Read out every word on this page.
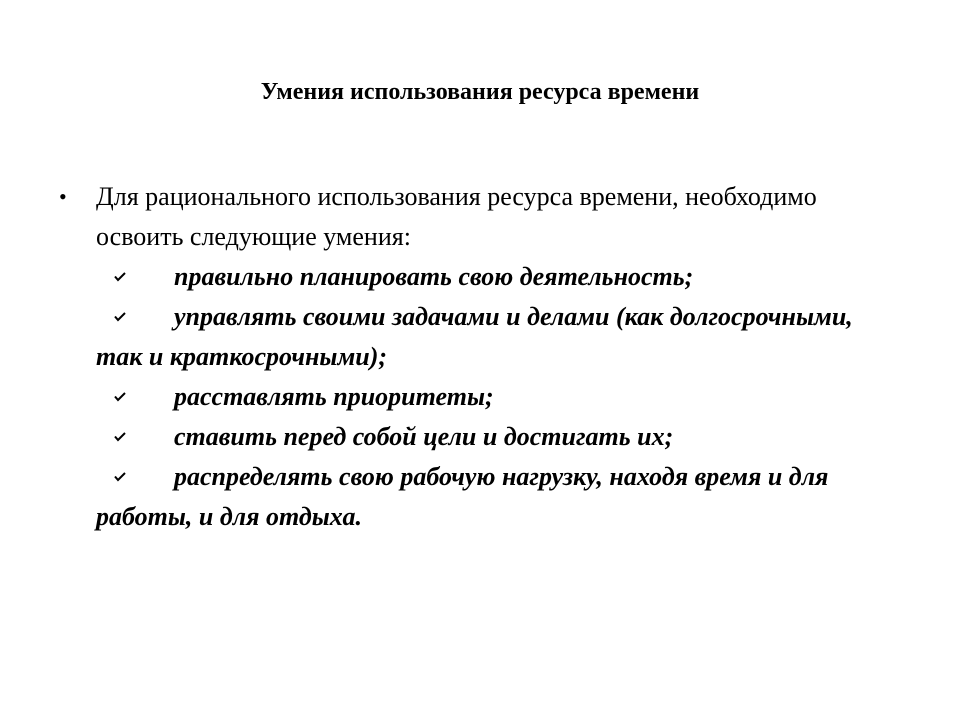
Умения использования ресурса времени
• Для рационального использования ресурса времени, необходимо освоить следующие умения:
правильно планировать свою деятельность;
управлять своими задачами и делами (как долгосрочными, так и краткосрочными);
расставлять приоритеты;
ставить перед собой цели и достигать их;
распределять свою рабочую нагрузку, находя время и для работы, и для отдыха.
